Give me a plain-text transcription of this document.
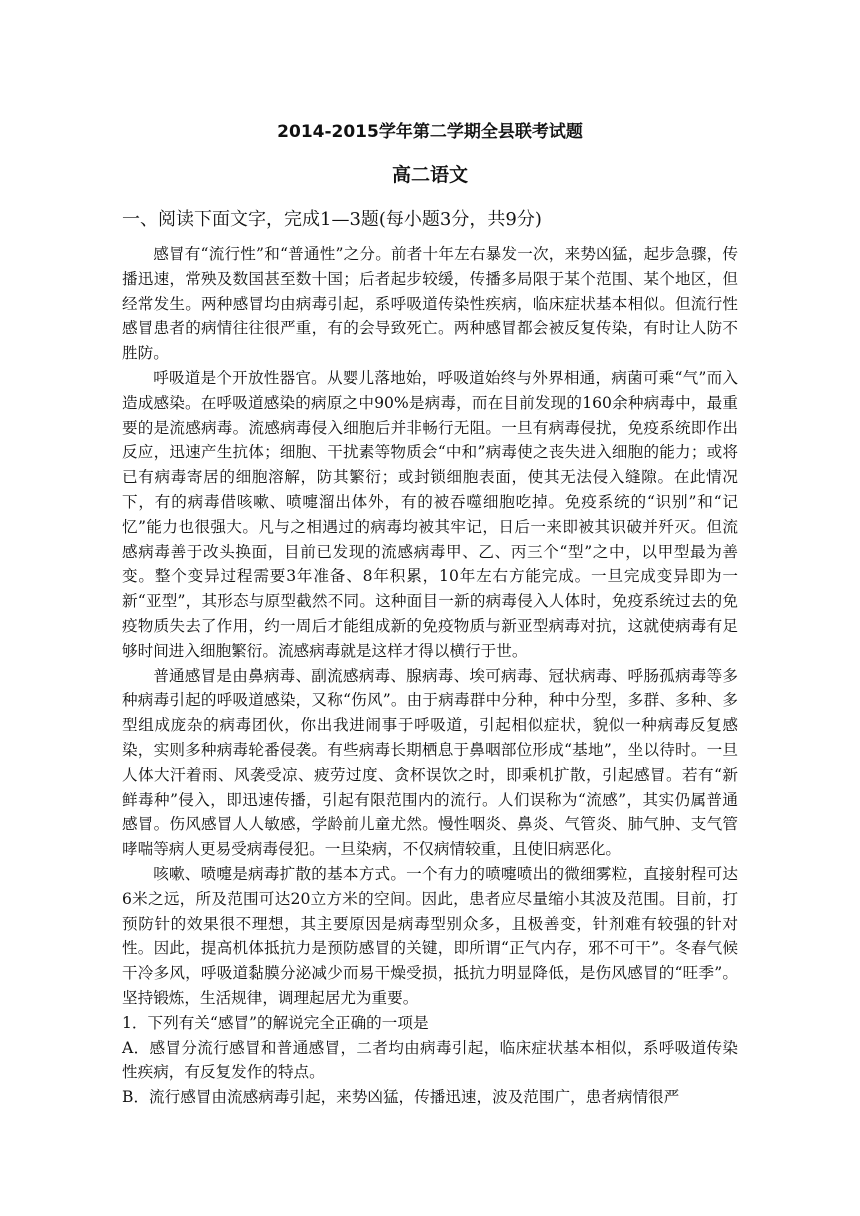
2014-2015学年第二学期全县联考试题
高二语文
一、阅读下面文字，完成1—3题(每小题3分，共9分)

感冒有“流行性”和“普通性”之分。前者十年左右暴发一次，来势凶猛，起步急骤，传播迅速，常殃及数国甚至数十国；后者起步较缓，传播多局限于某个范围、某个地区，但经常发生。两种感冒均由病毒引起，系呼吸道传染性疾病，临床症状基本相似。但流行性感冒患者的病情往往很严重，有的会导致死亡。两种感冒都会被反复传染，有时让人防不胜防。

呼吸道是个开放性器官。从婴儿落地始，呼吸道始终与外界相通，病菌可乘“气”而入造成感染。在呼吸道感染的病原之中90%是病毒，而在目前发现的160余种病毒中，最重要的是流感病毒。流感病毒侵入细胞后并非畅行无阻。一旦有病毒侵扰，免疫系统即作出反应，迅速产生抗体；细胞、干扰素等物质会“中和”病毒使之丧失进入细胞的能力；或将已有病毒寄居的细胞溶解，防其繁衍；或封锁细胞表面，使其无法侵入缝隙。在此情况下，有的病毒借咳嗽、喷嚏溜出体外，有的被吞噬细胞吃掉。免疫系统的“识别”和“记忆”能力也很强大。凡与之相遇过的病毒均被其牢记，日后一来即被其识破并歼灭。但流感病毒善于改头换面，目前已发现的流感病毒甲、乙、丙三个“型”之中，以甲型最为善变。整个变异过程需要3年准备、8年积累，10年左右方能完成。一旦完成变异即为一新“亚型”，其形态与原型截然不同。这种面目一新的病毒侵入人体时，免疫系统过去的免疫物质失去了作用，约一周后才能组成新的免疫物质与新亚型病毒对抗，这就使病毒有足够时间进入细胞繁衍。流感病毒就是这样才得以横行于世。

普通感冒是由鼻病毒、副流感病毒、腺病毒、埃可病毒、冠状病毒、呼肠孤病毒等多种病毒引起的呼吸道感染，又称“伤风”。由于病毒群中分种，种中分型，多群、多种、多型组成庞杂的病毒团伙，你出我进闹事于呼吸道，引起相似症状，貌似一种病毒反复感染，实则多种病毒轮番侵袭。有些病毒长期栖息于鼻咽部位形成“基地”，坐以待时。一旦人体大汗着雨、风袭受凉、疲劳过度、贪杯误饮之时，即乘机扩散，引起感冒。若有“新鲜毒种”侵入，即迅速传播，引起有限范围内的流行。人们误称为“流感”，其实仍属普通感冒。伤风感冒人人敏感，学龄前儿童尤然。慢性咽炎、鼻炎、气管炎、肺气肿、支气管哮喘等病人更易受病毒侵犯。一旦染病，不仅病情较重，且使旧病恶化。

咳嗽、喷嚏是病毒扩散的基本方式。一个有力的喷嚏喷出的微细雾粒，直接射程可达6米之远，所及范围可达20立方米的空间。因此，患者应尽量缩小其波及范围。目前，打预防针的效果很不理想，其主要原因是病毒型别众多，且极善变，针剂难有较强的针对性。因此，提高机体抵抗力是预防感冒的关键，即所谓“正气内存，邪不可干”。冬春气候干冷多风，呼吸道黏膜分泌减少而易干燥受损，抵抗力明显降低，是伤风感冒的“旺季”。坚持锻炼，生活规律，调理起居尤为重要。

1．下列有关“感冒”的解说完全正确的一项是

A．感冒分流行感冒和普通感冒，二者均由病毒引起，临床症状基本相似，系呼吸道传染性疾病，有反复发作的特点。

B．流行感冒由流感病毒引起，来势凶猛，传播迅速，波及范围广，患者病情很严
